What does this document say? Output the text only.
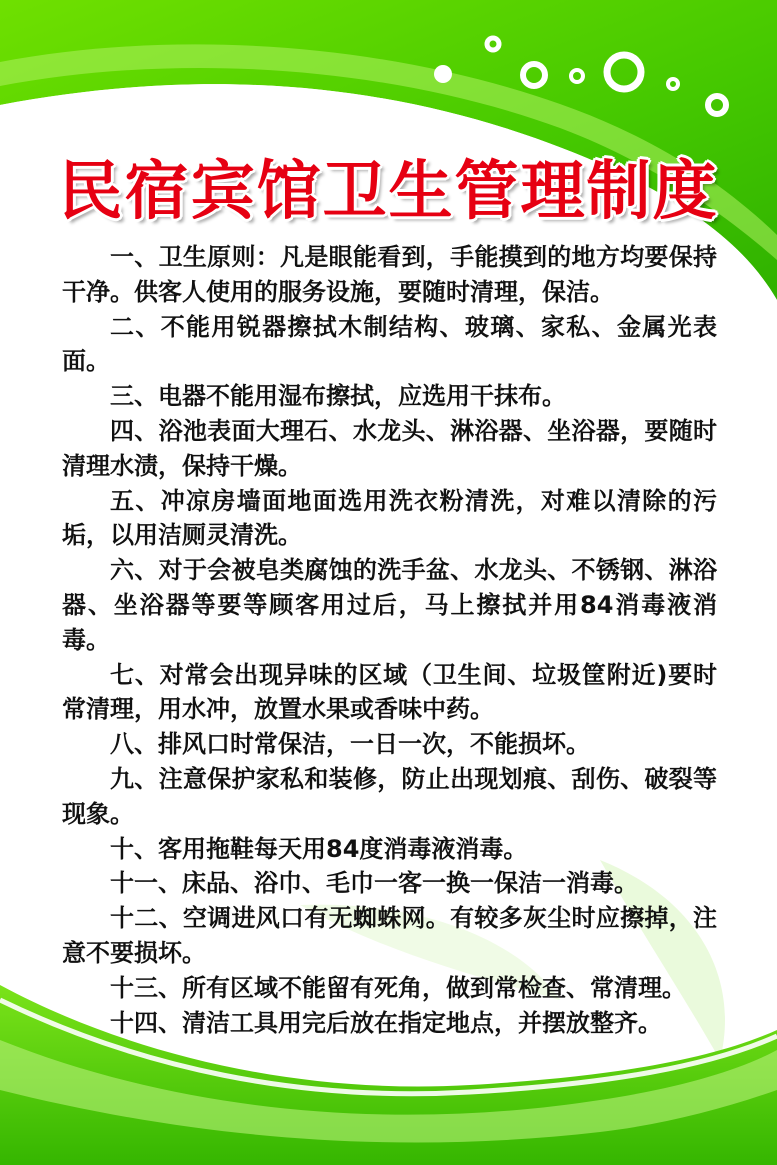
民宿宾馆卫生管理制度

一、卫生原则：凡是眼能看到，手能摸到的地方均要保持干净。供客人使用的服务设施，要随时清理，保洁。

二、不能用锐器擦拭木制结构、玻璃、家私、金属光表面。

三、电器不能用湿布擦拭，应选用干抹布。

四、浴池表面大理石、水龙头、淋浴器、坐浴器，要随时清理水渍，保持干燥。

五、冲凉房墙面地面选用洗衣粉清洗，对难以清除的污垢，以用洁厕灵清洗。

六、对于会被皂类腐蚀的洗手盆、水龙头、不锈钢、淋浴器、坐浴器等要等顾客用过后，马上擦拭并用84消毒液消毒。

七、对常会出现异味的区域（卫生间、垃圾筐附近)要时常清理，用水冲，放置水果或香味中药。

八、排风口时常保洁，一日一次，不能损坏。

九、注意保护家私和装修，防止出现划痕、刮伤、破裂等现象。

十、客用拖鞋每天用84度消毒液消毒。

十一、床品、浴巾、毛巾一客一换一保洁一消毒。

十二、空调进风口有无蜘蛛网。有较多灰尘时应擦掉，注意不要损坏。

十三、所有区域不能留有死角，做到常检查、常清理。

十四、清洁工具用完后放在指定地点，并摆放整齐。
